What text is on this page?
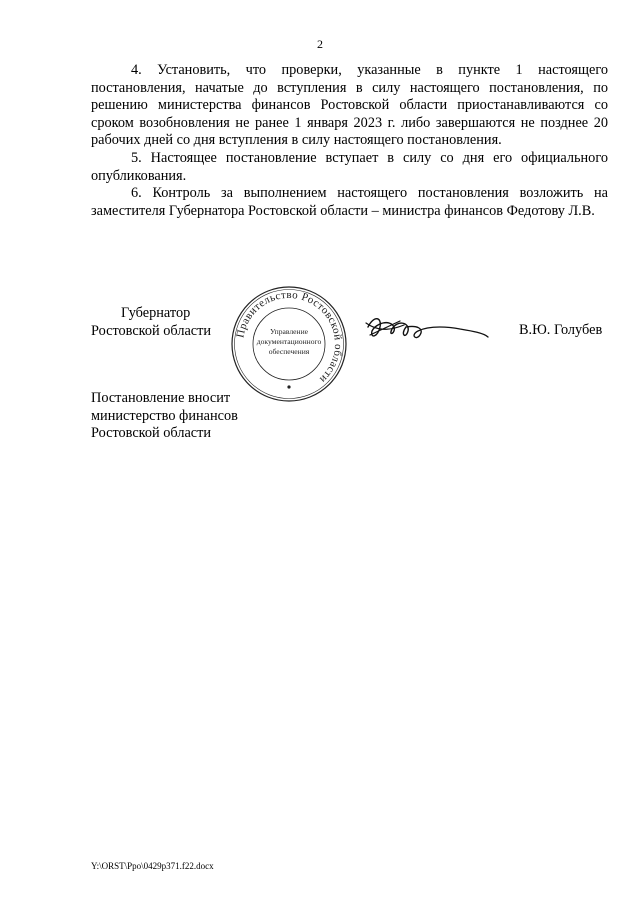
2

4. Установить, что проверки, указанные в пункте 1 настоящего постановления, начатые до вступления в силу настоящего постановления, по решению министерства финансов Ростовской области приостанавливаются со сроком возобновления не ранее 1 января 2023 г. либо завершаются не позднее 20 рабочих дней со дня вступления в силу настоящего постановления.

5. Настоящее постановление вступает в силу со дня его официального опубликования.

6. Контроль за выполнением настоящего постановления возложить на заместителя Губернатора Ростовской области – министра финансов Федотову Л.В.

Губернатор
Ростовской области Правительство Ростовской области
Управление
документационного
обеспечения
В.Ю. Голубев
Постановление вносит
министерство финансов
Ростовской области
Y:\ORST\Ppo\0429p371.f22.docx
